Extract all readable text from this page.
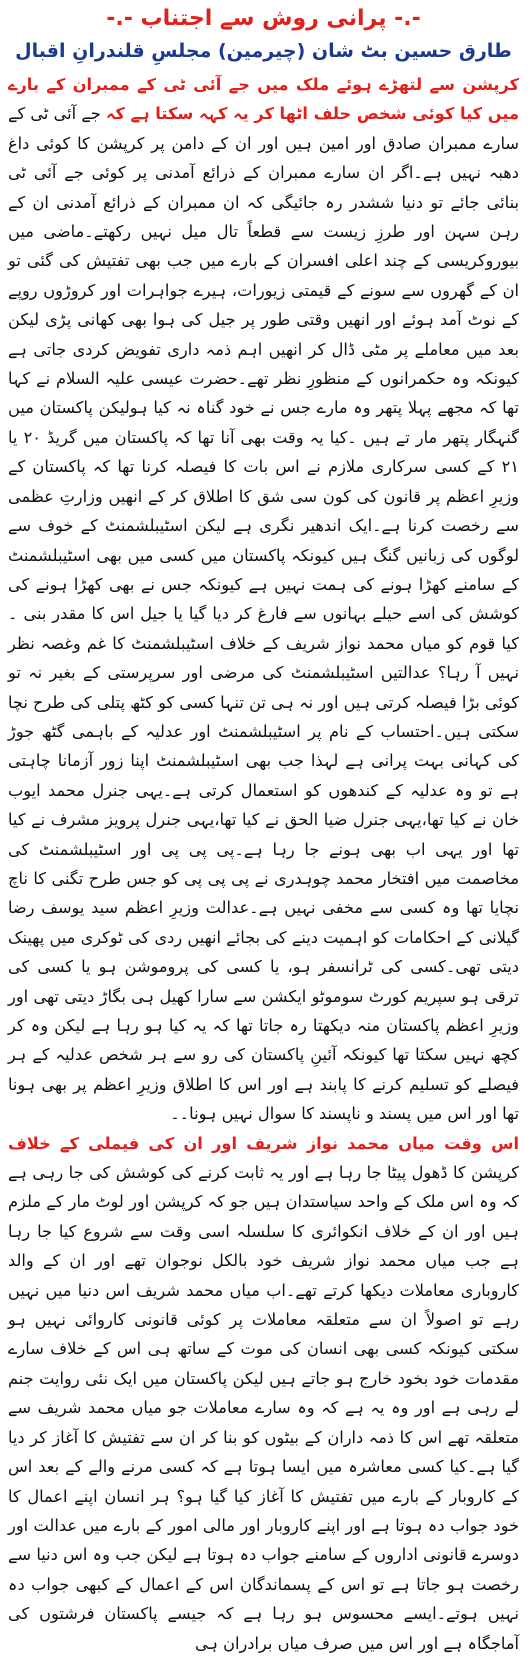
-.- پرانی روش سے اجتناب -.-
طارق حسین بٹ شان (چیرمین) مجلسِ قلندرانِ اقبال

کرپشن سے لتھڑے ہوئے ملک میں جے آئی ٹی کے ممبران کے بارے میں کیا کوئی شخص حلف اٹھا کر یہ کہہ سکتا ہے کہ جے آئی ٹی کے سارے ممبران صادق اور امین ہیں اور ان کے دامن پر کرپشن کا کوئی داغ دھبہ نہیں ہے۔اگر ان سارے ممبران کے ذرائع آمدنی پر کوئی جے آئی ٹی بنائی جائے تو دنیا ششدر رہ جائیگی کہ ان ممبران کے ذرائع آمدنی ان کے رہن سہن اور طرزِ زیست سے قطعاً تال میل نہیں رکھتے۔ماضی میں بیوروکریسی کے چند اعلی افسران کے بارے میں جب بھی تفتیش کی گئی تو ان کے گھروں سے سونے کے قیمتی زیورات، ہیرے جواہرات اور کروڑوں روپے کے نوٹ آمد ہوئے اور انھیں وقتی طور پر جیل کی ہوا بھی کھانی پڑی لیکن بعد میں معاملے پر مٹی ڈال کر انھیں اہم ذمہ داری تفویض کردی جاتی ہے کیونکہ وہ حکمرانوں کے منظورِ نظر تھے۔حضرت عیسی علیہ السلام نے کہا تھا کہ مجھے پہلا پتھر وہ مارے جس نے خود گناہ نہ کیا ہولیکن پاکستان میں گنہگار پتھر مار تے ہیں ۔کیا یہ وقت بھی آنا تھا کہ پاکستان میں گریڈ ۲۰ یا ۲۱ کے کسی سرکاری ملازم نے اس بات کا فیصلہ کرنا تھا کہ پاکستان کے وزیرِ اعظم پر قانون کی کون سی شق کا اطلاق کر کے انھیں وزارتِ عظمی سے رخصت کرنا ہے۔ایک اندھیر نگری ہے لیکن اسٹیبلشمنٹ کے خوف سے لوگوں کی زبانیں گنگ ہیں کیونکہ پاکستان میں کسی میں بھی اسٹیبلشمنٹ کے سامنے کھڑا ہونے کی ہمت نہیں ہے کیونکہ جس نے بھی کھڑا ہونے کی کوشش کی اسے حیلے بہانوں سے فارغ کر دیا گیا یا جیل اس کا مقدر بنی ۔کیا قوم کو میاں محمد نواز شریف کے خلاف اسٹیبلشمنٹ کا غم وغصہ نظر نہیں آ رہا؟ عدالتیں اسٹیبلشمنٹ کی مرضی اور سرپرستی کے بغیر نہ تو کوئی بڑا فیصلہ کرتی ہیں اور نہ ہی تن تنہا کسی کو کٹھ پتلی کی طرح نچا سکتی ہیں۔احتساب کے نام پر اسٹیبلشمنٹ اور عدلیہ کے باہمی گٹھ جوڑ کی کہانی بہت پرانی ہے لہذا جب بھی اسٹیبلشمنٹ اپنا زور آزمانا چاہتی ہے تو وہ عدلیہ کے کندھوں کو استعمال کرتی ہے۔یہی جنرل محمد ایوب خان نے کیا تھا،یہی جنرل ضیا الحق نے کیا تھا،یہی جنرل پرویز مشرف نے کیا تھا اور یہی اب بھی ہونے جا رہا ہے۔پی پی پی اور اسٹیبلشمنٹ کی مخاصمت میں افتخار محمد چوہدری نے پی پی پی کو جس طرح تگنی کا ناچ نچایا تھا وہ کسی سے مخفی نہیں ہے۔عدالت وزیرِ اعظم سید یوسف رضا گیلانی کے احکامات کو اہمیت دینے کی بجائے انھیں ردی کی ٹوکری میں پھینک دیتی تھی۔کسی کی ٹرانسفر ہو، یا کسی کی پروموشن ہو یا کسی کی ترقی ہو سپریم کورٹ سوموٹو ایکشن سے سارا کھیل ہی بگاڑ دیتی تھی اور وزیرِ اعظم پاکستان منہ دیکھتا رہ جاتا تھا کہ یہ کیا ہو رہا ہے لیکن وہ کر کچھ نہیں سکتا تھا کیونکہ آئینِ پاکستان کی رو سے ہر شخص عدلیہ کے ہر فیصلے کو تسلیم کرنے کا پابند ہے اور اس کا اطلاق وزیرِ اعظم پر بھی ہونا تھا اور اس میں پسند و ناپسند کا سوال نہیں ہونا۔۔

اس وقت میاں محمد نواز شریف اور ان کی فیملی کے خلاف کرپشن کا ڈھول پیٹا جا رہا ہے اور یہ ثابت کرنے کی کوشش کی جا رہی ہے کہ وہ اس ملک کے واحد سیاستدان ہیں جو کہ کرپشن اور لوٹ مار کے ملزم ہیں اور ان کے خلاف انکوائری کا سلسلہ اسی وقت سے شروع کیا جا رہا ہے جب میاں محمد نواز شریف خود بالکل نوجوان تھے اور ان کے والد کاروباری معاملات دیکھا کرتے تھے۔اب میاں محمد شریف اس دنیا میں نہیں رہے تو اصولاً ان سے متعلقہ معاملات پر کوئی قانونی کاروائی نہیں ہو سکتی کیونکہ کسی بھی انسان کی موت کے ساتھ ہی اس کے خلاف سارے مقدمات خود بخود خارج ہو جاتے ہیں لیکن پاکستان میں ایک نئی روایت جنم لے رہی ہے اور وہ یہ ہے کہ وہ سارے معاملات جو میاں محمد شریف سے متعلقہ تھے اس کا ذمہ داران کے بیٹوں کو بنا کر ان سے تفتیش کا آغاز کر دیا گیا ہے۔کیا کسی معاشرہ میں ایسا ہوتا ہے کہ کسی مرنے والے کے بعد اس کے کاروبار کے بارے میں تفتیش کا آغاز کیا گیا ہو؟ ہر انسان اپنے اعمال کا خود جواب دہ ہوتا ہے اور اپنے کاروبار اور مالی امور کے بارے میں عدالت اور دوسرے قانونی اداروں کے سامنے جواب دہ ہوتا ہے لیکن جب وہ اس دنیا سے رخصت ہو جاتا ہے تو اس کے پسماندگان اس کے اعمال کے کبھی جواب دہ نہیں ہوتے۔ایسے محسوس ہو رہا ہے کہ جیسے پاکستان فرشتوں کی آماجگاہ ہے اور اس میں صرف میاں برادران ہی
